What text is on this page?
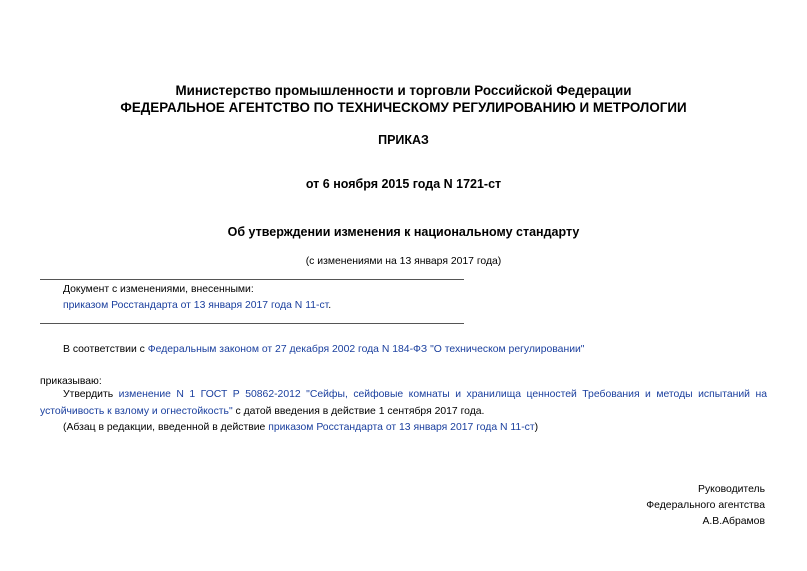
Министерство промышленности и торговли Российской Федерации
ФЕДЕРАЛЬНОЕ АГЕНТСТВО ПО ТЕХНИЧЕСКОМУ РЕГУЛИРОВАНИЮ И МЕТРОЛОГИИ
ПРИКАЗ
от 6 ноября 2015 года N 1721-ст
Об утверждении изменения к национальному стандарту
(с изменениями на 13 января 2017 года)
Документ с изменениями, внесенными:
приказом Росстандарта от 13 января 2017 года N 11-ст.
В соответствии с Федеральным законом от 27 декабря 2002 года N 184-ФЗ "О техническом регулировании"
приказываю:
Утвердить изменение N 1 ГОСТ Р 50862-2012 "Сейфы, сейфовые комнаты и хранилища ценностей Требования и методы испытаний на устойчивость к взлому и огнестойкость" с датой введения в действие 1 сентября 2017 года.
(Абзац в редакции, введенной в действие приказом Росстандарта от 13 января 2017 года N 11-ст)
Руководитель
Федерального агентства
А.В.Абрамов
